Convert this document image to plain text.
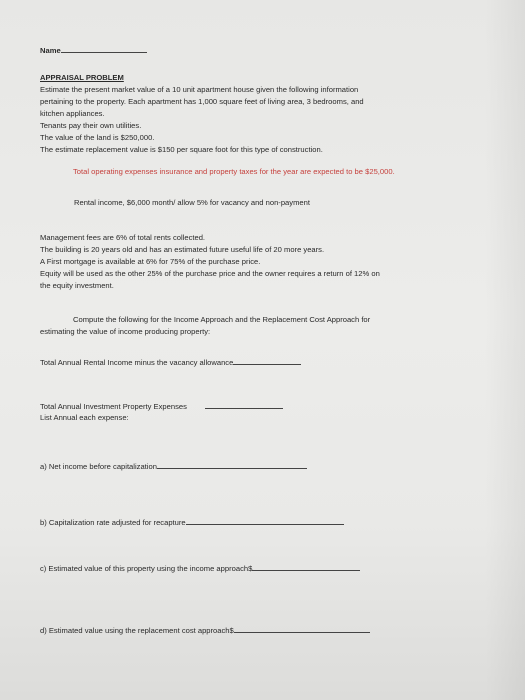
Name

APPRAISAL PROBLEM

Estimate the present market value of a 10 unit apartment house given the following information

pertaining to the property. Each apartment has 1,000 square feet of living area, 3 bedrooms, and

kitchen appliances.

Tenants pay their own utilities.

The value of the land is $250,000.

The estimate replacement value is $150 per square foot for this type of construction.

Total operating expenses insurance and property taxes for the year are expected to be $25,000.

Rental income, $6,000 month/ allow 5% for vacancy and non-payment

Management fees are 6% of total rents collected.

The building is 20 years old and has an estimated future useful life of 20 more years.

A First mortgage is available at 6% for 75% of the purchase price.

Equity will be used as the other 25% of the purchase price and the owner requires a return of 12% on

the equity investment.

Compute the following for the Income Approach and the Replacement Cost Approach for

estimating the value of income producing property:

Total Annual Rental Income minus the vacancy allowance

Total Annual Investment Property Expenses

List Annual each expense:

a) Net income before capitalization

b) Capitalization rate adjusted for recapture

c) Estimated value of this property using the income approach$

d) Estimated value using the replacement cost approach$
